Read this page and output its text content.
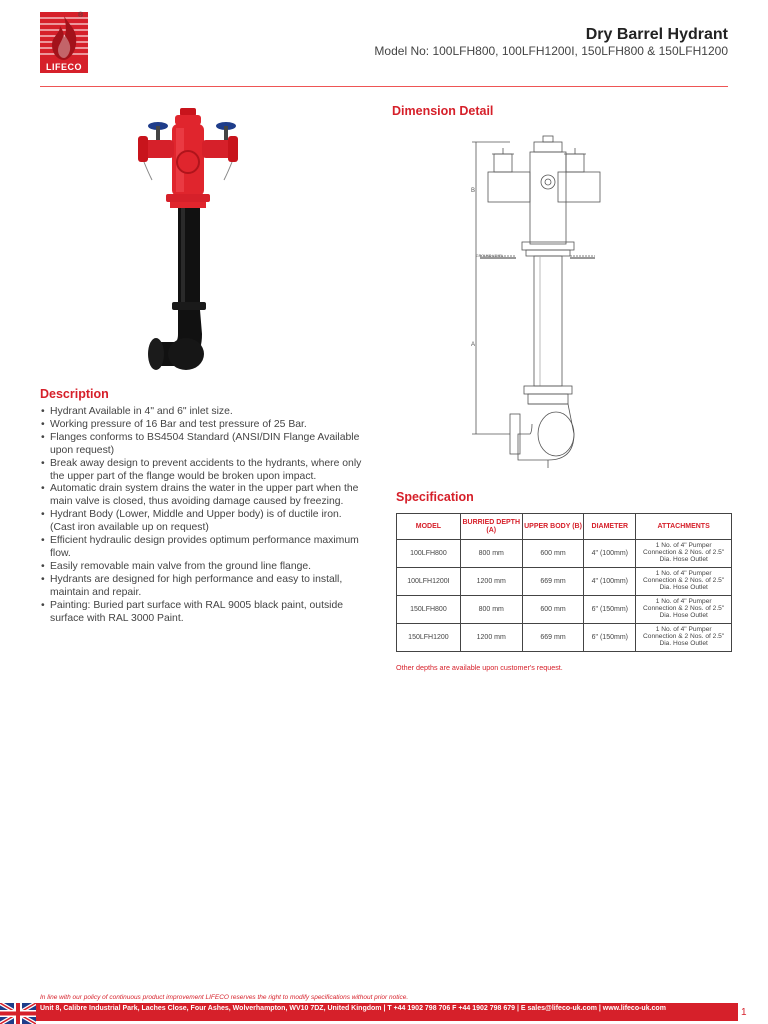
LIFECO
®
Dry Barrel Hydrant
Model No: 100LFH800, 100LFH1200I, 150LFH800 & 150LFH1200
Description
• Hydrant Available in 4" and 6" inlet size.
• Working pressure of 16 Bar and test pressure of 25 Bar.
• Flanges conforms to BS4504 Standard (ANSI/DIN Flange Available upon request)
• Break away design to prevent accidents to the hydrants, where only the upper part of the flange would be broken upon impact.
• Automatic drain system drains the water in the upper part when the main valve is closed, thus avoiding damage caused by freezing.
• Hydrant Body (Lower, Middle and Upper body) is of ductile iron. (Cast iron available up on request)
• Efficient hydraulic design provides optimum performance maximum flow.
• Easily removable main valve from the ground line flange.
• Hydrants are designed for high performance and easy to install, maintain and repair.
• Painting: Buried part surface with RAL 9005 black paint, outside surface with RAL 3000 Paint.
Dimension Detail
GROUND LEVEL
A
B
Specification
MODEL	BURRIED DEPTH (A)	UPPER BODY (B)	DIAMETER	ATTACHMENTS
100LFH800	800 mm	600 mm	4" (100mm)	1 No. of 4" Pumper Connection & 2 Nos. of 2.5" Dia. Hose Outlet
100LFH1200I	1200 mm	669 mm	4" (100mm)	1 No. of 4" Pumper Connection & 2 Nos. of 2.5" Dia. Hose Outlet
150LFH800	800 mm	600 mm	6" (150mm)	1 No. of 4" Pumper Connection & 2 Nos. of 2.5" Dia. Hose Outlet
150LFH1200	1200 mm	669 mm	6" (150mm)	1 No. of 4" Pumper Connection & 2 Nos. of 2.5" Dia. Hose Outlet
Other depths are available upon customer's request.
In line with our policy of continuous product improvement LIFECO reserves the right to modify specifications without prior notice.
Unit 8, Calibre Industrial Park, Laches Close, Four Ashes, Wolverhampton, WV10 7DZ, United Kingdom | T +44 1902 798 706 F +44 1902 798 679 | E sales@lifeco-uk.com | www.lifeco-uk.com	1
